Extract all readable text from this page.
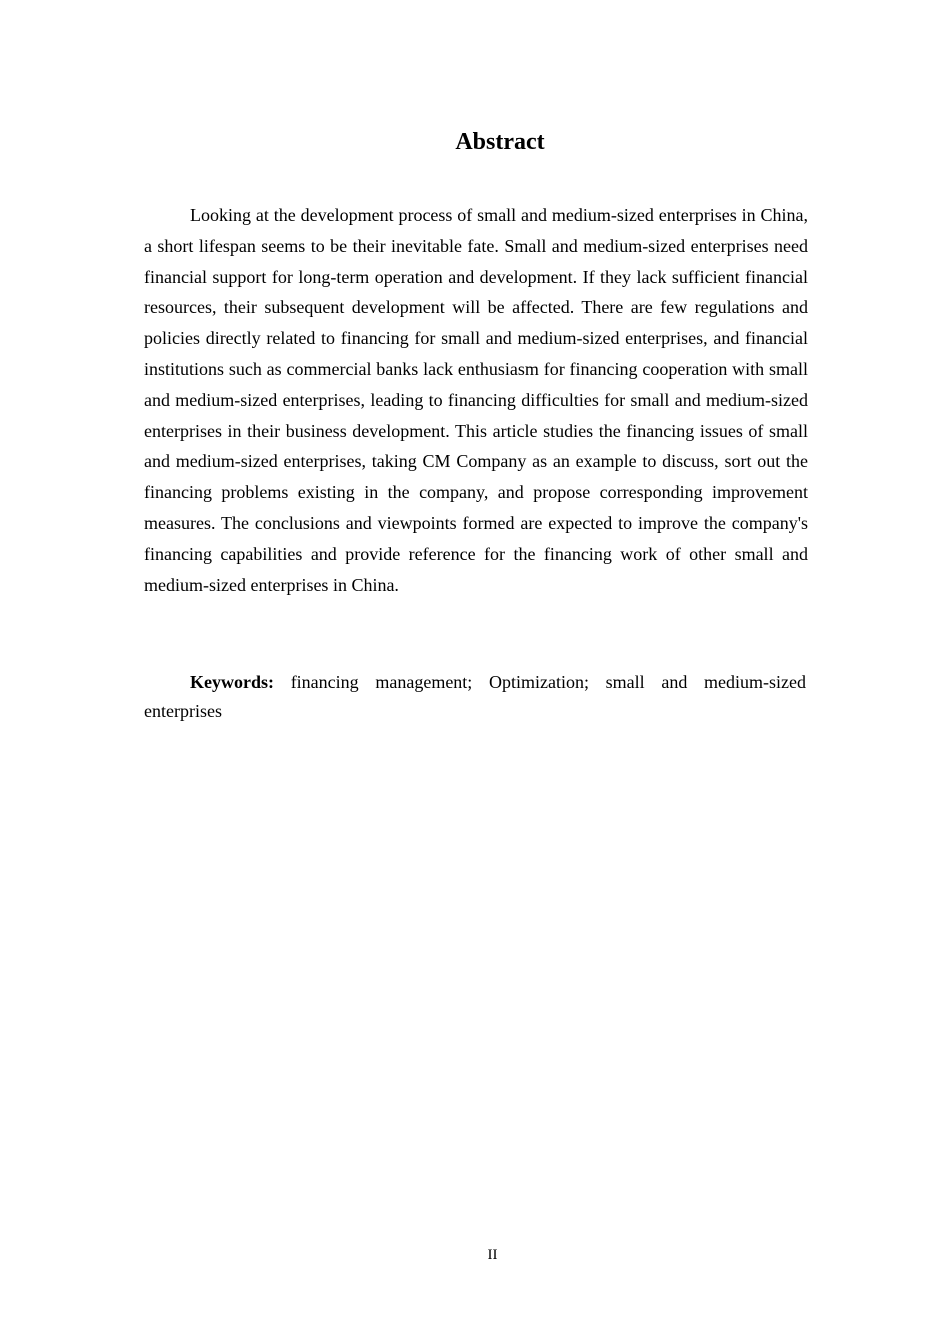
Abstract

Looking at the development process of small and medium-sized enterprises in China, a short lifespan seems to be their inevitable fate. Small and medium-sized enterprises need financial support for long-term operation and development. If they lack sufficient financial resources, their subsequent development will be affected. There are few regulations and policies directly related to financing for small and medium-sized enterprises, and financial institutions such as commercial banks lack enthusiasm for financing cooperation with small and medium-sized enterprises, leading to financing difficulties for small and medium-sized enterprises in their business development. This article studies the financing issues of small and medium-sized enterprises, taking CM Company as an example to discuss, sort out the financing problems existing in the company, and propose corresponding improvement measures. The conclusions and viewpoints formed are expected to improve the company's financing capabilities and provide reference for the financing work of other small and medium-sized enterprises in China.

Keywords: financing management; Optimization; small and medium-sized enterprises

II
